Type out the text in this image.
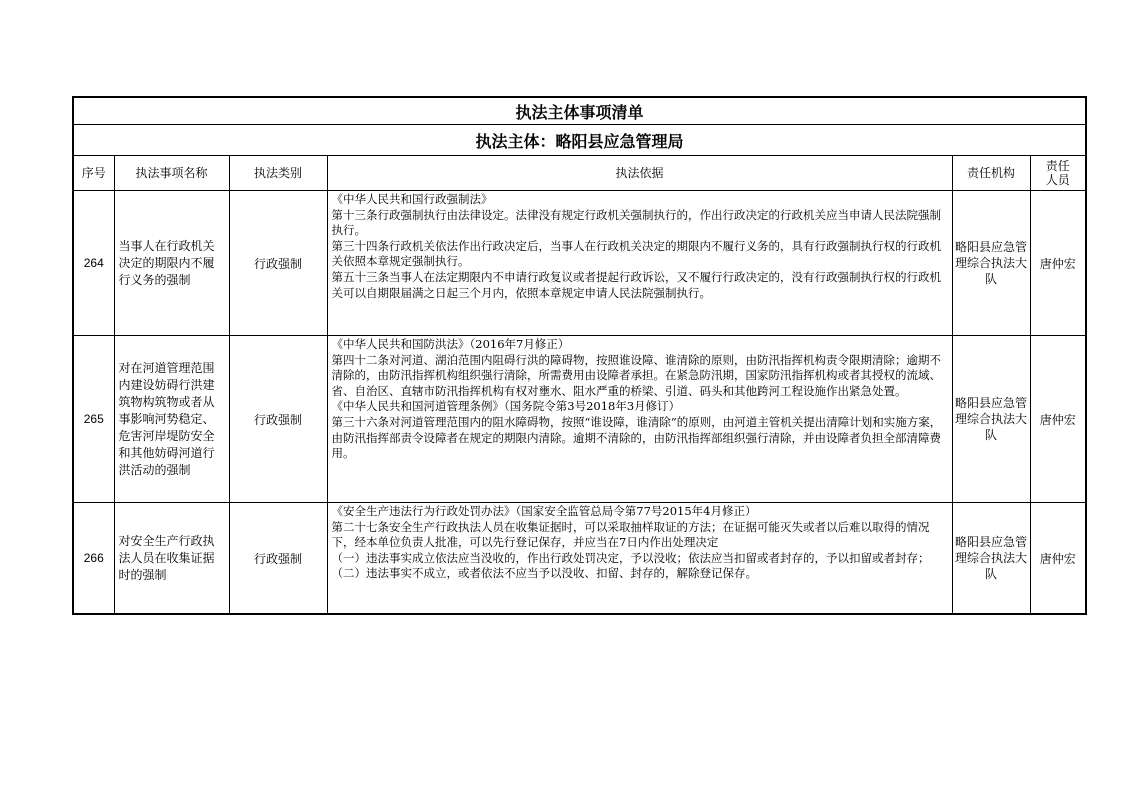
执法主体事项清单					
执法主体：略阳县应急管理局					
序号	执法事项名称	执法类别	执法依据	责任机构	责任人员
264	当事人在行政机关决定的期限内不履行义务的强制	行政强制	《中华人民共和国行政强制法》

第十三条行政强制执行由法律设定。法律没有规定行政机关强制执行的，作出行政决定的行政机关应当申请人民法院强制执行。

第三十四条行政机关依法作出行政决定后，当事人在行政机关决定的期限内不履行义务的，具有行政强制执行权的行政机关依照本章规定强制执行。

第五十三条当事人在法定期限内不申请行政复议或者提起行政诉讼，又不履行行政决定的，没有行政强制执行权的行政机关可以自期限届满之日起三个月内，依照本章规定申请人民法院强制执行。	略阳县应急管理综合执法大队	唐仲宏
265	对在河道管理范围内建设妨碍行洪建筑物构筑物或者从事影响河势稳定、危害河岸堤防安全和其他妨碍河道行洪活动的强制	行政强制	《中华人民共和国防洪法》（2016年7月修正）

第四十二条对河道、湖泊范围内阻碍行洪的障碍物，按照谁设障、谁清除的原则，由防汛指挥机构责令限期清除；逾期不清除的，由防汛指挥机构组织强行清除，所需费用由设障者承担。在紧急防汛期，国家防汛指挥机构或者其授权的流域、省、自治区、直辖市防汛指挥机构有权对壅水、阻水严重的桥梁、引道、码头和其他跨河工程设施作出紧急处置。

《中华人民共和国河道管理条例》（国务院令第3号2018年3月修订）

第三十六条对河道管理范围内的阻水障碍物，按照“谁设障，谁清除”的原则，由河道主管机关提出清障计划和实施方案，由防汛指挥部责令设障者在规定的期限内清除。逾期不清除的，由防汛指挥部组织强行清除，并由设障者负担全部清障费用。	略阳县应急管理综合执法大队	唐仲宏
266	对安全生产行政执法人员在收集证据时的强制	行政强制	《安全生产违法行为行政处罚办法》（国家安全监管总局令第77号2015年4月修正）

第二十七条安全生产行政执法人员在收集证据时，可以采取抽样取证的方法；在证据可能灭失或者以后难以取得的情况下，经本单位负责人批准，可以先行登记保存，并应当在7日内作出处理决定

（一）违法事实成立依法应当没收的，作出行政处罚决定，予以没收；依法应当扣留或者封存的，予以扣留或者封存；（二）违法事实不成立，或者依法不应当予以没收、扣留、封存的，解除登记保存。	略阳县应急管理综合执法大队	唐仲宏
